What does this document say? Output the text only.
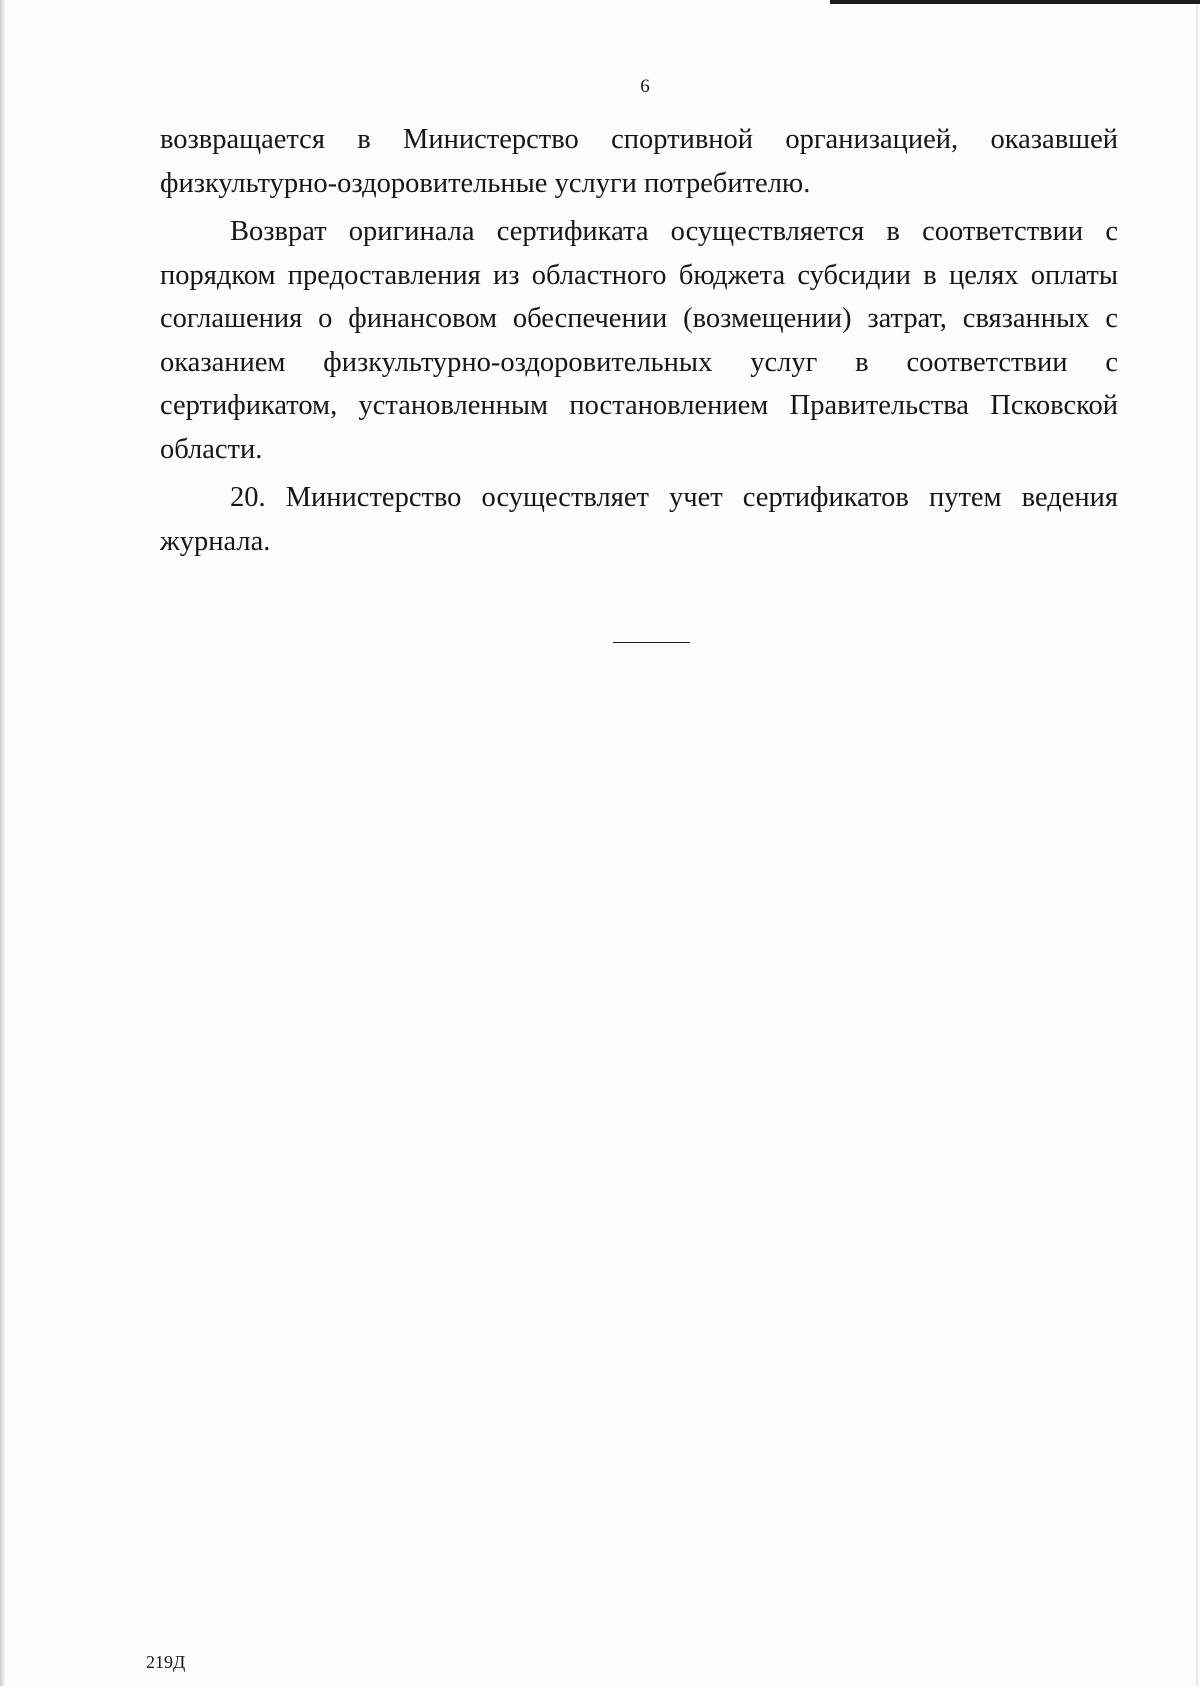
6

возвращается в Министерство спортивной организацией, оказавшей физкультурно-оздоровительные услуги потребителю.

Возврат оригинала сертификата осуществляется в соответствии с порядком предоставления из областного бюджета субсидии в целях оплаты соглашения о финансовом обеспечении (возмещении) затрат, связанных с оказанием физкультурно-оздоровительных услуг в соответствии с сертификатом, установленным постановлением Правительства Псковской области.

20. Министерство осуществляет учет сертификатов путем ведения журнала.

219Д
